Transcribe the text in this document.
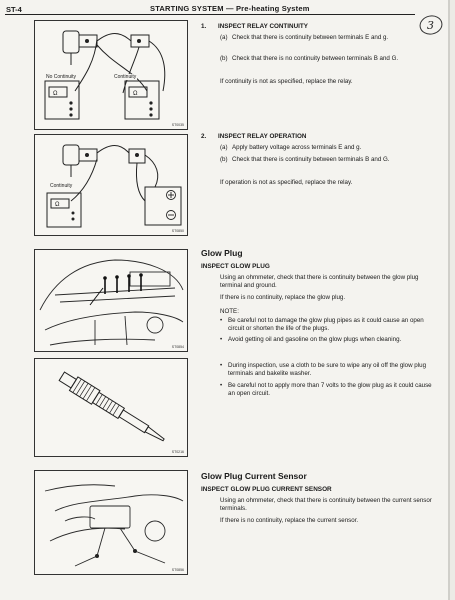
ST-4	STARTING SYSTEM — Pre-heating System
3
Ω	Ω
No Continuity	Continuity
ST0035
Ω
Continuity
ST0850
ST0854
ST0216
ST0856
1. INSPECT RELAY CONTINUITY
(a) Check that there is continuity between terminals E and g.
(b) Check that there is no continuity between terminals B and G.
If continuity is not as specified, replace the relay.
2. INSPECT RELAY OPERATION
(a) Apply battery voltage across terminals E and g.
(b) Check that there is continuity between terminals B and G.
If operation is not as specified, replace the relay.
Glow Plug
INSPECT GLOW PLUG
Using an ohmmeter, check that there is continuity between the glow plug terminal and ground.
If there is no continuity, replace the glow plug.
NOTE:
• Be careful not to damage the glow plug pipes as it could cause an open circuit or shorten the life of the plugs.
• Avoid getting oil and gasoline on the glow plugs when cleaning.
• During inspection, use a cloth to be sure to wipe any oil off the glow plug terminals and bakelite washer.
• Be careful not to apply more than 7 volts to the glow plug as it could cause an open circuit.
Glow Plug Current Sensor
INSPECT GLOW PLUG CURRENT SENSOR
Using an ohmmeter, check that there is continuity between the current sensor terminals.
If there is no continuity, replace the current sensor.
